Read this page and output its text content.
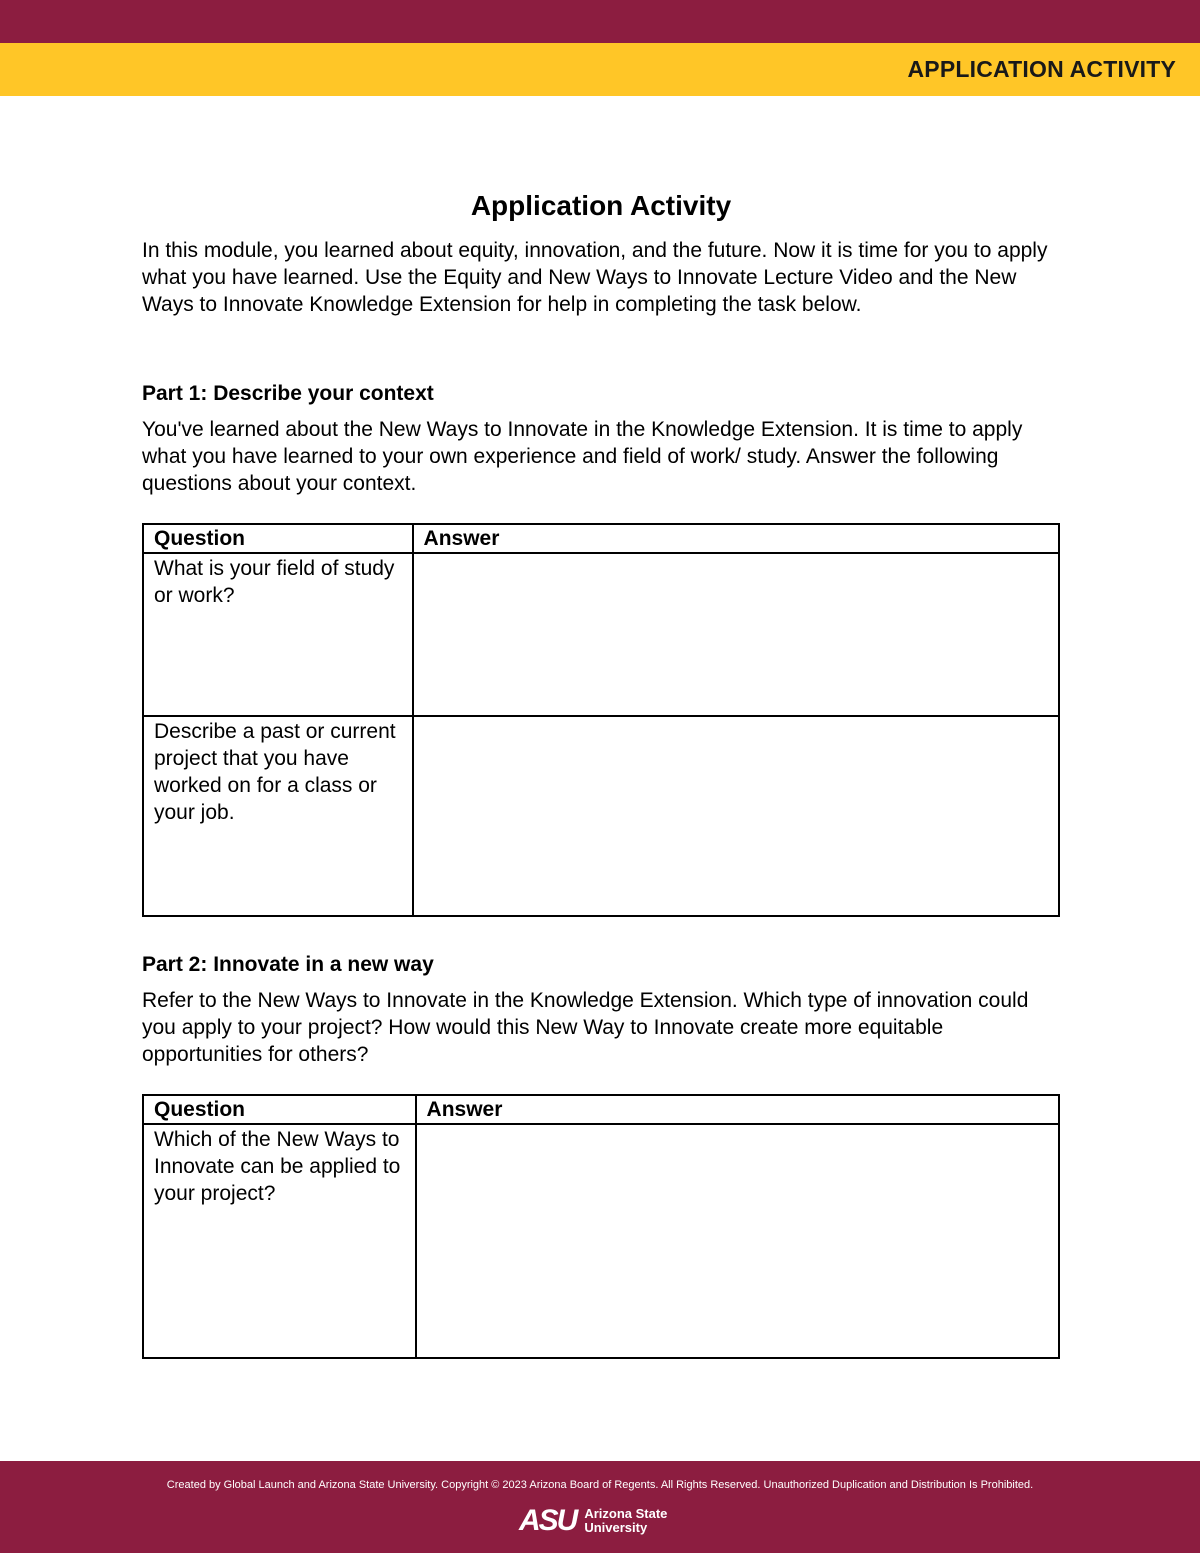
APPLICATION ACTIVITY
Application Activity

In this module, you learned about equity, innovation, and the future. Now it is time for you to apply what you have learned. Use the Equity and New Ways to Innovate Lecture Video and the New Ways to Innovate Knowledge Extension for help in completing the task below.

Part 1: Describe your context

You've learned about the New Ways to Innovate in the Knowledge Extension. It is time to apply what you have learned to your own experience and field of work/ study. Answer the following questions about your context.

Question	Answer
What is your field of study or work?	
Describe a past or current project that you have worked on for a class or your job.	

Part 2: Innovate in a new way

Refer to the New Ways to Innovate in the Knowledge Extension. Which type of innovation could you apply to your project? How would this New Way to Innovate create more equitable opportunities for others?

Question	Answer
Which of the New Ways to Innovate can be applied to your project?	
Created by Global Launch and Arizona State University. Copyright © 2023 Arizona Board of Regents. All Rights Reserved. Unauthorized Duplication and Distribution Is Prohibited.
ASU Arizona State
University
